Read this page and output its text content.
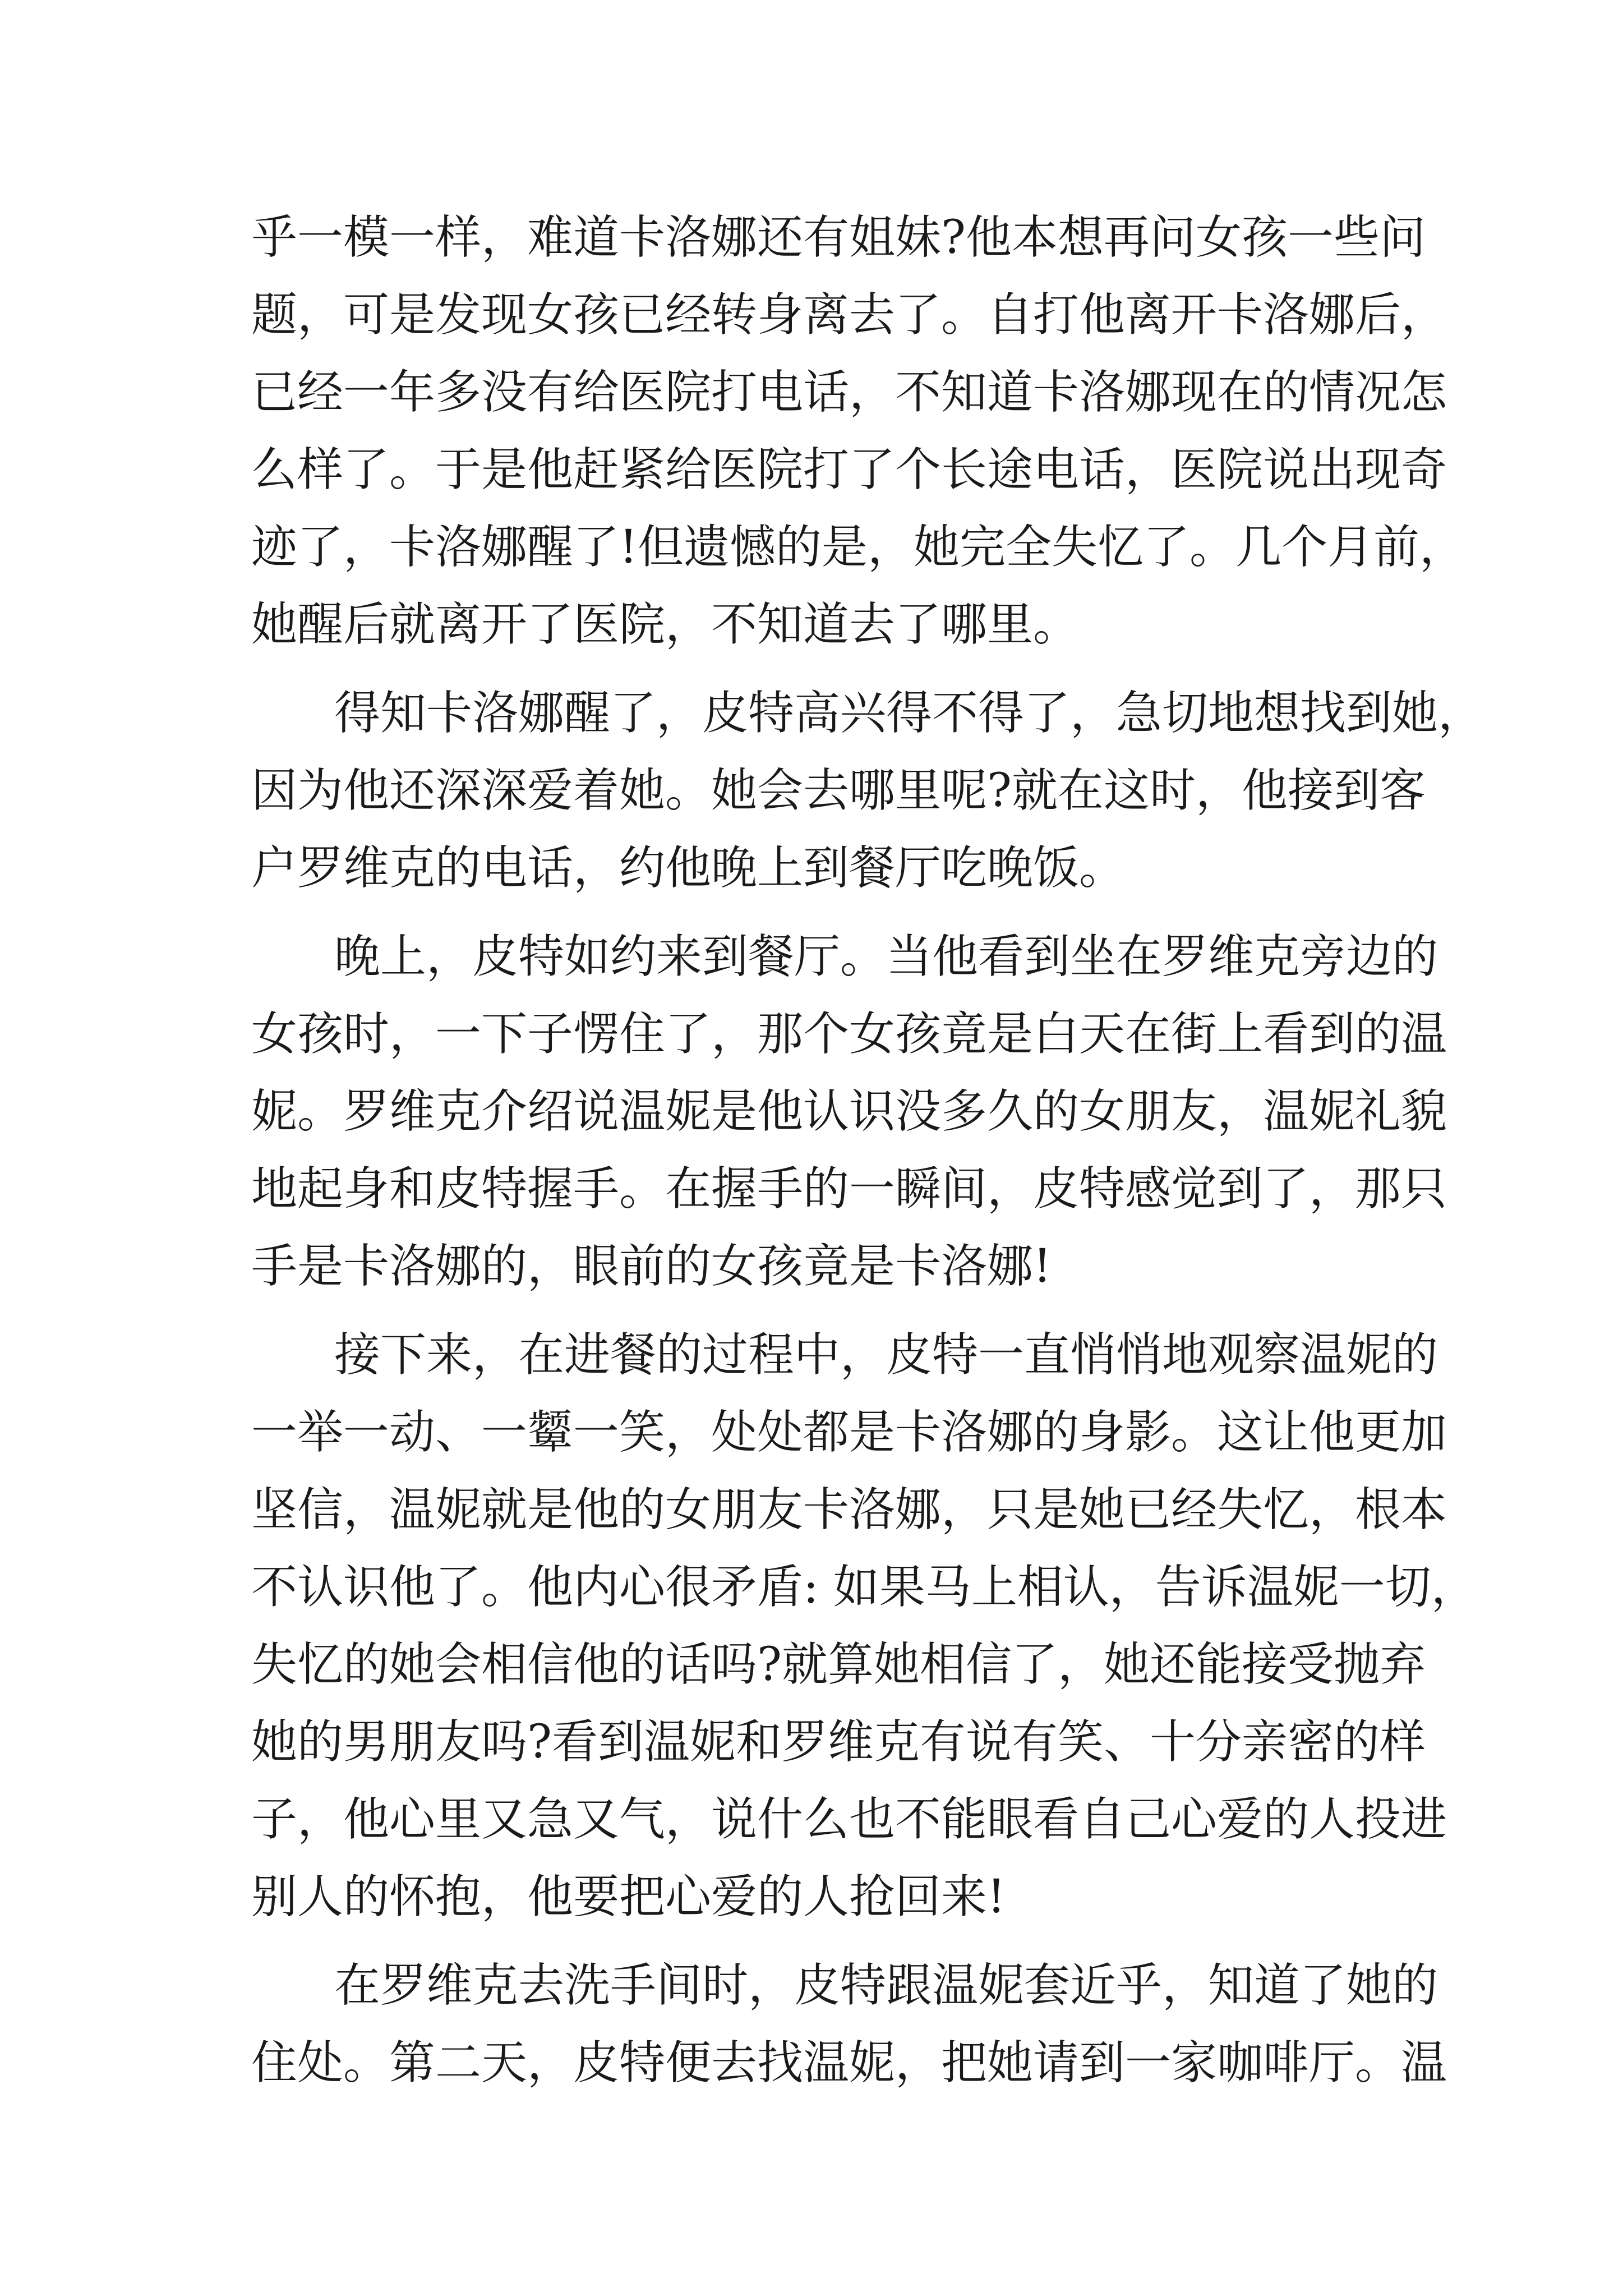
乎一模一样，难道卡洛娜还有姐妹?他本想再问女孩一些问
题，可是发现女孩已经转身离去了。自打他离开卡洛娜后，
已经一年多没有给医院打电话，不知道卡洛娜现在的情况怎
么样了。于是他赶紧给医院打了个长途电话，医院说出现奇
迹了，卡洛娜醒了!但遗憾的是，她完全失忆了。几个月前，
她醒后就离开了医院，不知道去了哪里。
得知卡洛娜醒了，皮特高兴得不得了，急切地想找到她，
因为他还深深爱着她。她会去哪里呢?就在这时，他接到客
户罗维克的电话，约他晚上到餐厅吃晚饭。
晚上，皮特如约来到餐厅。当他看到坐在罗维克旁边的
女孩时，一下子愣住了，那个女孩竟是白天在街上看到的温
妮。罗维克介绍说温妮是他认识没多久的女朋友，温妮礼貌
地起身和皮特握手。在握手的一瞬间，皮特感觉到了，那只
手是卡洛娜的，眼前的女孩竟是卡洛娜!
接下来，在进餐的过程中，皮特一直悄悄地观察温妮的
一举一动、一颦一笑，处处都是卡洛娜的身影。这让他更加
坚信，温妮就是他的女朋友卡洛娜，只是她已经失忆，根本
不认识他了。他内心很矛盾: 如果马上相认，告诉温妮一切，
失忆的她会相信他的话吗?就算她相信了，她还能接受抛弃
她的男朋友吗?看到温妮和罗维克有说有笑、十分亲密的样
子，他心里又急又气，说什么也不能眼看自己心爱的人投进
别人的怀抱，他要把心爱的人抢回来!
在罗维克去洗手间时，皮特跟温妮套近乎，知道了她的
住处。第二天，皮特便去找温妮，把她请到一家咖啡厅。温
